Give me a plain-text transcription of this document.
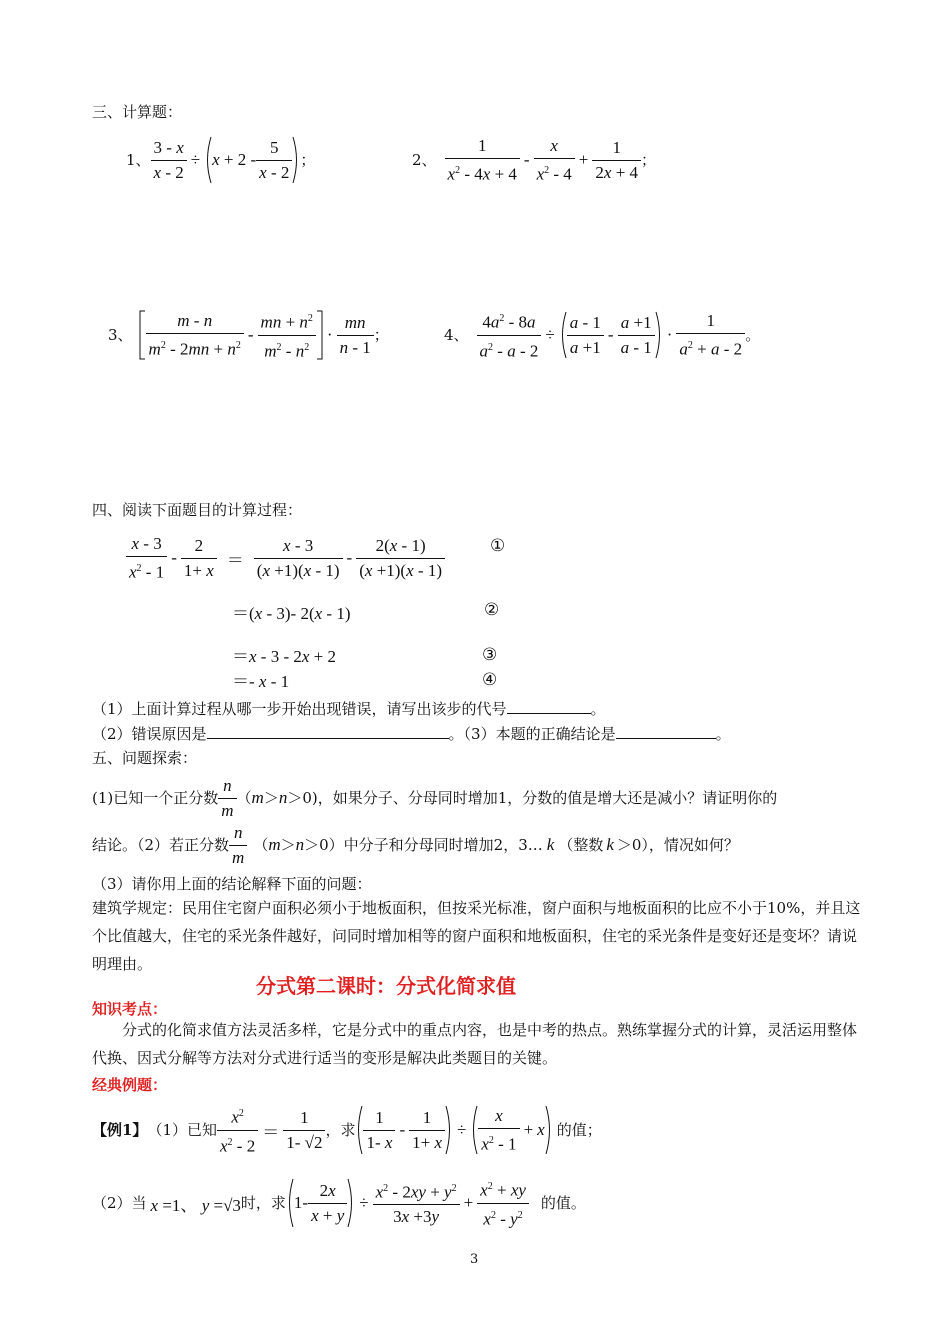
三、计算题：
1、 $\frac{3 - x}{x - 2} \div x + 2$ -
5
x - 2
；	2、
1
$x^2 - 4x + 4$
-
x
$x^2 - 4$
+ $\frac{1}{2x + 4}$ ；
3、
m - n
$m^2 - 2mn + n^2$
-
mn + $n^2$
$m^2 - n^2$
·
mn
n - 1
；	4、 $\frac{4a^2 - 8a}{a^2 - a - 2}$ ÷
a - 1
a +1
-
a +1
a - 1
·
1
$a^2 + a - 2$
。
四、阅读下面题目的计算过程：
x - 3
$x^2 - 1$
-
2
1+ x
＝
x - 3
(x +1)(x - 1)
-
2(x - 1)
(x +1)(x - 1)
①
＝(x - 3)- 2(x - 1)	②
＝x - 3 - 2x + 2	③
＝- x - 1	④
（1）上面计算过程从哪一步开始出现错误，请写出该步的代号	。
（2）错误原因是	。（3）本题的正确结论是	。
五、问题探索：
(1)已知一个正分数
n
m
（ m ＞ n ＞0)，如果分子、分母同时增加1，分数的值是增大还是减小？请证明你的
结论。（2）若正分数
n
m
（ m ＞ n ＞0）中分子和分母同时增加2，3… k （整数 k ＞0），情况如何？
（3）请你用上面的结论解释下面的问题：
建筑学规定：民用住宅窗户面积必须小于地板面积，但按采光标准，窗户面积与地板面积的比应不小于10%，并且这个比值越大，住宅的采光条件越好，问同时增加相等的窗户面积和地板面积，住宅的采光条件是变好还是变坏？请说明理由。
分式第二课时：分式化简求值
知识考点：
分式的化简求值方法灵活多样，它是分式中的重点内容，也是中考的热点。熟练掌握分式的计算，灵活运用整体代换、因式分解等方法对分式进行适当的变形是解决此类题目的关键。
经典例题：
【例1】 （1）已知
$x^2$
$x^2 - 2$
＝
1
1- √2
，求
1
1- x
-
1
1+ x
÷
x
$x^2 - 1$
+ x 的值；
（2）当 x =1、 y =√3 时，求 1-
2x
x + y
÷ $\frac{x^2 - 2xy + y^2}{3x +3y} + \frac{x^2 + xy}{x^2 - y^2}$ 的值。
3
